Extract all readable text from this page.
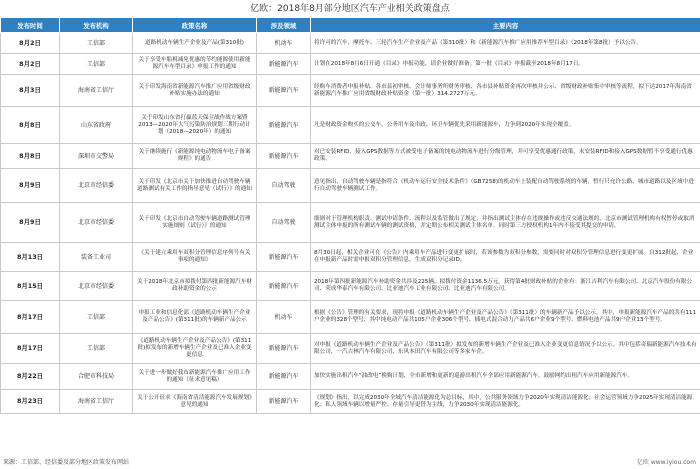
亿欧：2018年8月部分地区汽车产业相关政策盘点
发布时间	发布机构	政策名称	涉及领域	主要内容
8月2日	工信部	道路机动车辆生产企业及产品(第310批)	机动车	将许可的汽车、摩托车、三轮汽车生产企业及产品（第310批）和《新能源汽车推广应用推荐车型目录》（2018年第8批）予以公告。
8月2日	工信部	关于享受车船税减免优惠的节约能源使用新能源汽车车型目录》申报工作的通知	新能源汽车	计划在2018年8月6日开通《目录》申报功能，请企业做好准备。第一批《目录》申报截至2018年8月17日。
8月3日	海南省工信厅	关于印发海南省新能源汽车推广应用省级财政补贴实施办法的通知	新能源汽车	经购车消费者申报补贴、各市县初审核、会计师事务所财务审核、各市县补贴资金再次审核并公示、省级财政补贴集中审核等流程，拟下达2017年海南省新能源汽车推广应用省级财政补贴资金（第一批）314.2727万元。
8月8日	山东省政府	关于印发山东省打赢蓝天保卫战作战方案暨2013—2020年大气污染防治规划三期行动计划（2018—2020年）的通知	新能源汽车	凡是财政资金购买的公交车、公务用车及市政、环卫车辆优先采用新能源车，力争到2020年实现全覆盖。
8月8日	深圳市交警局	关于继续施行《新能源纯电动物流车电子备案规程》的通告	新能源汽车	对已安装RFID、接入GPS数据等方式被受电子备案的纯电动物流车进行分级管理，并可享受优惠通行政策，未安装RFID和接入GPS数据暂不享受通行优惠政策。
8月9日	北京市经信委	关于印发《北京市关于加快推进自动驾驶车辆道路测试有关工作的指导意见（试行）》的通知	自动驾驶	意见指出，自动驾驶车辆是指符合《机动车运行安全技术条件》（GB7258)的机动车上装配自动驾驶系统的车辆，暂行只允许公路、城市道路以及区域中进行自动驾驶车辆测试工作。
8月9日	北京市经信委	关于印发《北京市自动驾驶车辆道路测试管理实施细则（试行）》的通知	自动驾驶	细则对于管理机构职责、测试申请条件、流程以及监管做出了规定，并指出测试主体存在违规操作或违反交通法规的，北京市测试管理机构有权暂停或取消测试主体申报的所有测试车辆的测试资格，并定期公布相关测试主体名单。同时第三方授权机构1年内不接受其提交的申请。
8月13日	装备工业司	《关于建立乘用车双积分管理信息序列号有关事项的通知》	新能源汽车	8月30日起，相关企业可在《公告》内乘用车产品进行变更扩展时，若该参数为双积分参数，需要同时对双积分管理信息进行变更扩展。自312批起，企业在申报新产品时需申报双积分管理信息，生成双积分记录ID。
8月15日	北京市经信委	关于2018年北京市拟拨付第四批新能源汽车财政补助资金的公示	新能源汽车	2018年第四批新能源汽车补助资金共涉及225辆，拟拨付资金1136.5万元。获得第4批财政补贴的企业有：浙江吉利汽车有限公司、北京汽车股份有限公司、荣成华泰汽车有限公司、比亚迪汽车工业有限公司、比亚迪汽车有限公司。
8月17日	工信部	申报工业和信息化部《道路机动车辆生产企业及产品公告》(第311批)的车辆新产品公示	机动车	根据《公告》管理的有关要求，现将申报《道路机动车辆生产企业及产品公告》（第311批）的车辆新产品予以公示。其中，申报新能源汽车产品的共有111户企业的328个型号，其中纯电动产品共105户企业306个型号、插电式混合动力产品共6户企业9个型号、燃料电池产品共9户企业13个型号。
8月17日	工信部	《道路机动车辆生产企业及产品公告》(第311批)拟发布的新增车辆生产企业及已准入企业变更信息	新能源汽车	对申报《道路机动车辆生产企业及产品公告》（第311批）拟发布的新增车辆生产企业及已准入企业变更信息情况予以公示。其中包括奇瑞新能源汽车技术有限公司、一汽吉林汽车有限公司、东风本田汽车有限公司等多家车企。
8月22日	合肥市科技局	关于进一步做好我市新能源汽车推广应用工作的通知（征求意见稿）	新能源汽车	加快实施出租汽车“油改电”换购计划，全市新增和更新的巡游出租汽车全部应用新能源汽车，鼓励网约出租汽车应用新能源汽车。
8月23日	海南省工信厅	关于公开征求《海南省清洁能源汽车发展规划》意见的通知	新能源汽车	《规划》指出，以完成2030年全域汽车清洁能源化为总目标，其中，公共服务领域力争2020年实现清洁能源化；社会运营领域力争2025年实现清洁能源化；私人领域车辆以增量严控、存量引导更替为主线，力争2030年实现清洁能源化。
来源：工信部、经信委及部分地区政策发布网站	亿欧 www.iyiou.com
